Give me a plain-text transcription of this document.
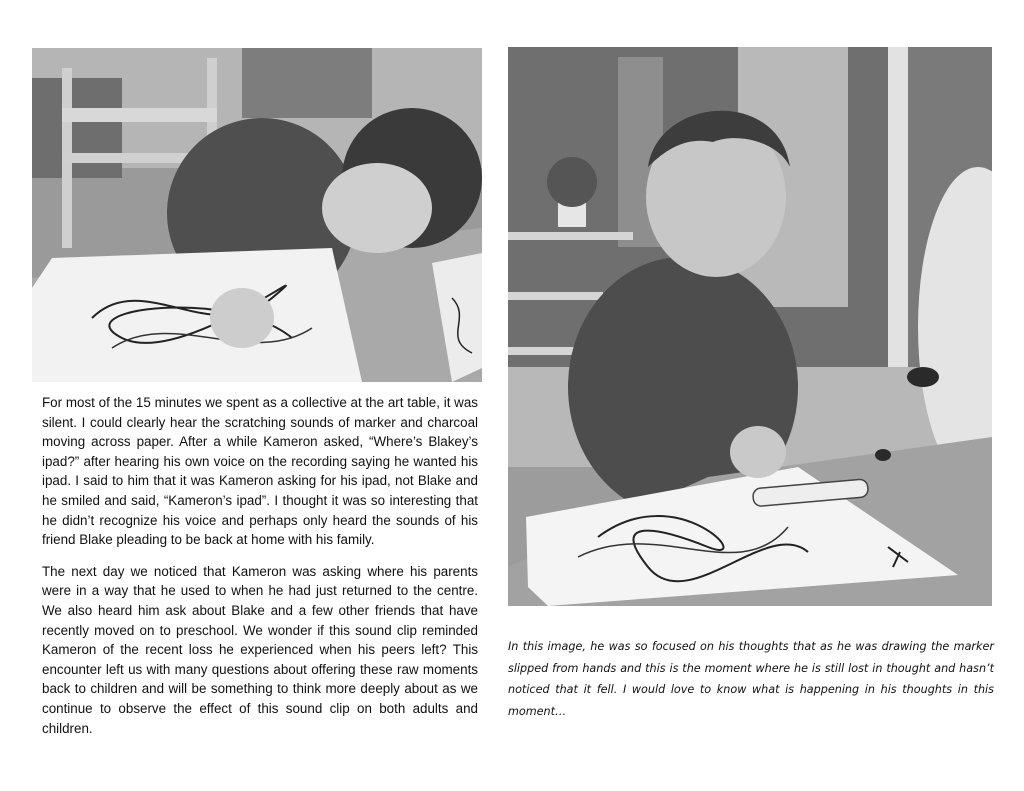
For most of the 15 minutes we spent as a collective at the art table, it was silent. I could clearly hear the scratching sounds of marker and charcoal moving across paper. After a while Kameron asked, “Where’s Blakey’s ipad?” after hearing his own voice on the recording saying he wanted his ipad. I said to him that it was Kameron asking for his ipad, not Blake and he smiled and said, “Kameron’s ipad”. I thought it was so interesting that he didn’t recognize his voice and perhaps only heard the sounds of his friend Blake pleading to be back at home with his family.

The next day we noticed that Kameron was asking where his parents were in a way that he used to when he had just returned to the centre. We also heard him ask about Blake and a few other friends that have recently moved on to preschool. We wonder if this sound clip reminded Kameron of the recent loss he experienced when his peers left? This encounter left us with many questions about offering these raw moments back to children and will be something to think more deeply about as we continue to observe the effect of this sound clip on both adults and children.

In this image, he was so focused on his thoughts that as he was drawing the marker slipped from hands and this is the moment where he is still lost in thought and hasn’t noticed that it fell. I would love to know what is happening in his thoughts in this moment…
